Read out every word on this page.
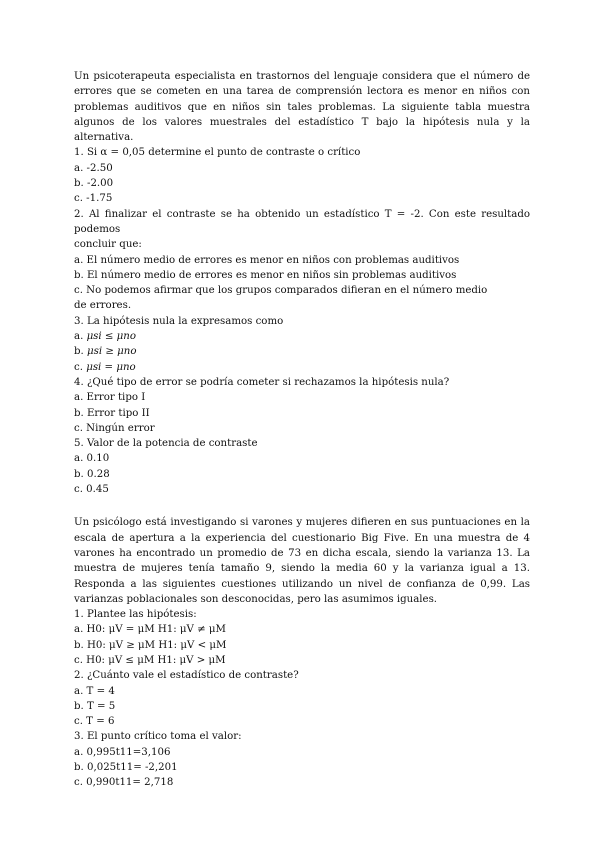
Un psicoterapeuta especialista en trastornos del lenguaje considera que el número de errores que se cometen en una tarea de comprensión lectora es menor en niños con problemas auditivos que en niños sin tales problemas. La siguiente tabla muestra algunos de los valores muestrales del estadístico T bajo la hipótesis nula y la alternativa.
1. Si α = 0,05 determine el punto de contraste o crítico
a. -2.50
b. -2.00
c. -1.75
2. Al finalizar el contraste se ha obtenido un estadístico T = -2. Con este resultado podemos
concluir que:
a. El número medio de errores es menor en niños con problemas auditivos
b. El número medio de errores es menor en niños sin problemas auditivos
c. No podemos afirmar que los grupos comparados difieran en el número medio
de errores.
3. La hipótesis nula la expresamos como
a. μsi ≤ μno
b. μsi ≥ μno
c. μsi = μno
4. ¿Qué tipo de error se podría cometer si rechazamos la hipótesis nula?
a. Error tipo I
b. Error tipo II
c. Ningún error
5. Valor de la potencia de contraste
a. 0.10
b. 0.28
c. 0.45
Un psicólogo está investigando si varones y mujeres difieren en sus puntuaciones en la escala de apertura a la experiencia del cuestionario Big Five. En una muestra de 4 varones ha encontrado un promedio de 73 en dicha escala, siendo la varianza 13. La muestra de mujeres tenía tamaño 9, siendo la media 60 y la varianza igual a 13. Responda a las siguientes cuestiones utilizando un nivel de confianza de 0,99. Las varianzas poblacionales son desconocidas, pero las asumimos iguales.
1. Plantee las hipótesis:
a. H0: μV = μM H1: μV ≠ μM
b. H0: μV ≥ μM H1: μV < μM
c. H0: μV ≤ μM H1: μV > μM
2. ¿Cuánto vale el estadístico de contraste?
a. T = 4
b. T = 5
c. T = 6
3. El punto crítico toma el valor:
a. 0,995t11=3,106
b. 0,025t11= -2,201
c. 0,990t11= 2,718
